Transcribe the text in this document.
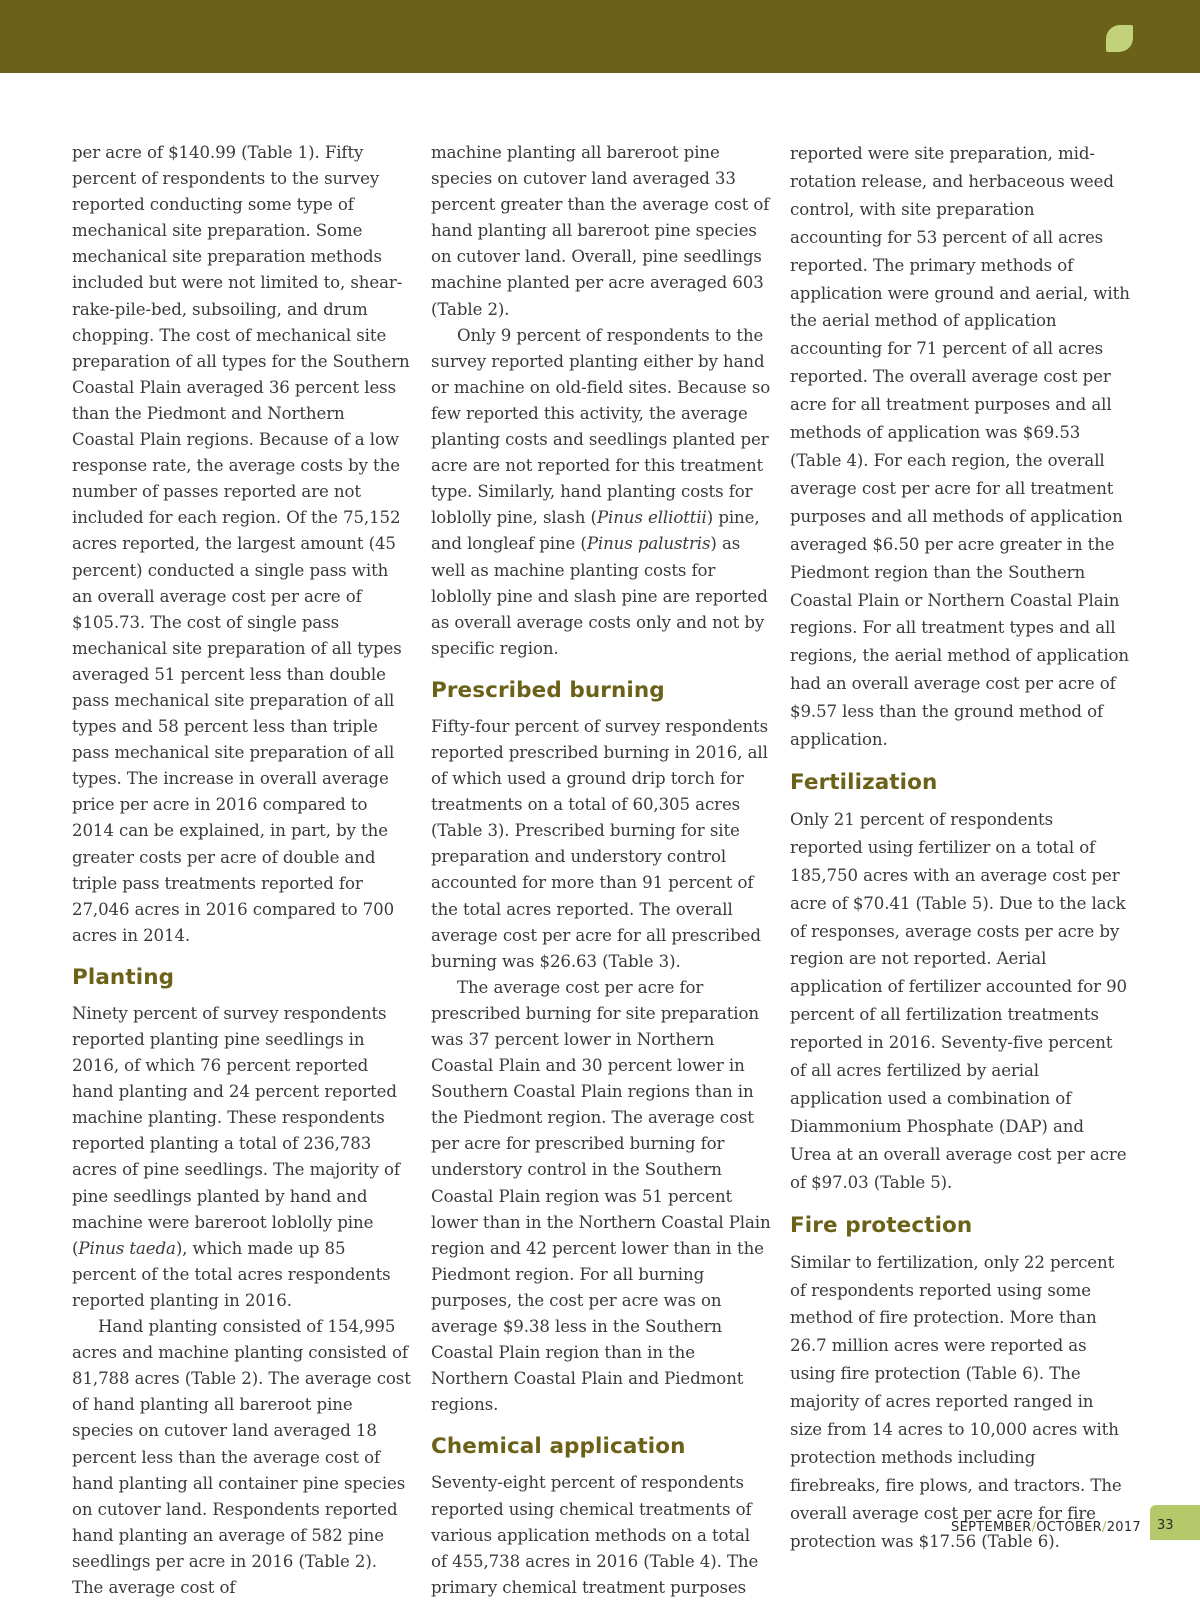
per acre of $140.99 (Table 1). Fifty percent of respondents to the survey reported conducting some type of mechanical site preparation. Some mechanical site preparation methods included but were not limited to, shear-rake-pile-bed, subsoiling, and drum chopping. The cost of mechanical site preparation of all types for the Southern Coastal Plain averaged 36 percent less than the Piedmont and Northern Coastal Plain regions. Because of a low response rate, the average costs by the number of passes reported are not included for each region. Of the 75,152 acres reported, the largest amount (45 percent) conducted a single pass with an overall average cost per acre of $105.73. The cost of single pass mechanical site preparation of all types averaged 51 percent less than double pass mechanical site preparation of all types and 58 percent less than triple pass mechanical site preparation of all types. The increase in overall average price per acre in 2016 compared to 2014 can be explained, in part, by the greater costs per acre of double and triple pass treatments reported for 27,046 acres in 2016 compared to 700 acres in 2014.

Planting

Ninety percent of survey respondents reported planting pine seedlings in 2016, of which 76 percent reported hand planting and 24 percent reported machine planting. These respondents reported planting a total of 236,783 acres of pine seedlings. The majority of pine seedlings planted by hand and machine were bareroot loblolly pine (Pinus taeda), which made up 85 percent of the total acres respondents reported planting in 2016.

Hand planting consisted of 154,995 acres and machine planting consisted of 81,788 acres (Table 2). The average cost of hand planting all bareroot pine species on cutover land averaged 18 percent less than the average cost of hand planting all container pine species on cutover land. Respondents reported hand planting an average of 582 pine seedlings per acre in 2016 (Table 2). The average cost of

machine planting all bareroot pine species on cutover land averaged 33 percent greater than the average cost of hand planting all bareroot pine species on cutover land. Overall, pine seedlings machine planted per acre averaged 603 (Table 2).

Only 9 percent of respondents to the survey reported planting either by hand or machine on old-field sites. Because so few reported this activity, the average planting costs and seedlings planted per acre are not reported for this treatment type. Similarly, hand planting costs for loblolly pine, slash (Pinus elliottii) pine, and longleaf pine (Pinus palustris) as well as machine planting costs for loblolly pine and slash pine are reported as overall average costs only and not by specific region.

Prescribed burning

Fifty-four percent of survey respondents reported prescribed burning in 2016, all of which used a ground drip torch for treatments on a total of 60,305 acres (Table 3). Prescribed burning for site preparation and understory control accounted for more than 91 percent of the total acres reported. The overall average cost per acre for all prescribed burning was $26.63 (Table 3).

The average cost per acre for prescribed burning for site preparation was 37 percent lower in Northern Coastal Plain and 30 percent lower in Southern Coastal Plain regions than in the Piedmont region. The average cost per acre for prescribed burning for understory control in the Southern Coastal Plain region was 51 percent lower than in the Northern Coastal Plain region and 42 percent lower than in the Piedmont region. For all burning purposes, the cost per acre was on average $9.38 less in the Southern Coastal Plain region than in the Northern Coastal Plain and Piedmont regions.

Chemical application

Seventy-eight percent of respondents reported using chemical treatments of various application methods on a total of 455,738 acres in 2016 (Table 4). The primary chemical treatment purposes

reported were site preparation, mid-rotation release, and herbaceous weed control, with site preparation accounting for 53 percent of all acres reported. The primary methods of application were ground and aerial, with the aerial method of application accounting for 71 percent of all acres reported. The overall average cost per acre for all treatment purposes and all methods of application was $69.53 (Table 4). For each region, the overall average cost per acre for all treatment purposes and all methods of application averaged $6.50 per acre greater in the Piedmont region than the Southern Coastal Plain or Northern Coastal Plain regions. For all treatment types and all regions, the aerial method of application had an overall average cost per acre of $9.57 less than the ground method of application.

Fertilization

Only 21 percent of respondents reported using fertilizer on a total of 185,750 acres with an average cost per acre of $70.41 (Table 5). Due to the lack of responses, average costs per acre by region are not reported. Aerial application of fertilizer accounted for 90 percent of all fertilization treatments reported in 2016. Seventy-five percent of all acres fertilized by aerial application used a combination of Diammonium Phosphate (DAP) and Urea at an overall average cost per acre of $97.03 (Table 5).

Fire protection

Similar to fertilization, only 22 percent of respondents reported using some method of fire protection. More than 26.7 million acres were reported as using fire protection (Table 6). The majority of acres reported ranged in size from 14 acres to 10,000 acres with protection methods including firebreaks, fire plows, and tractors. The overall average cost per acre for fire protection was $17.56 (Table 6).

SEPTEMBER/OCTOBER/2017 33
